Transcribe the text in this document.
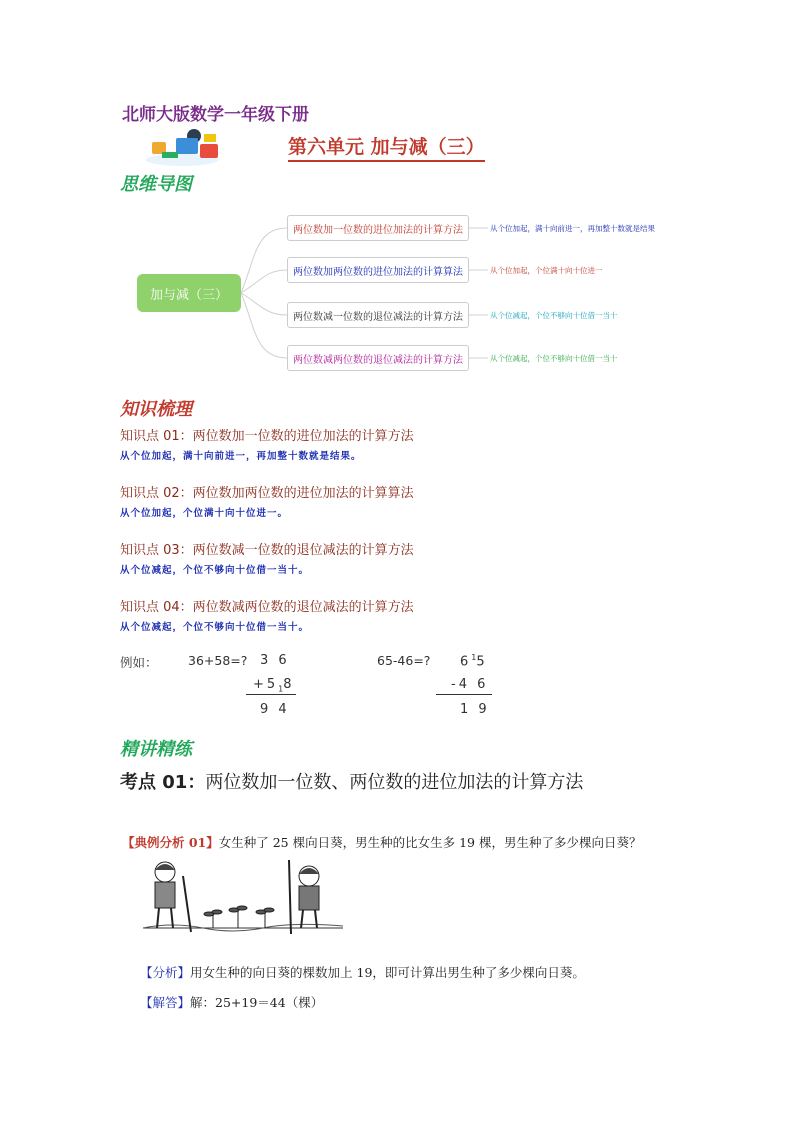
北师大版数学一年级下册
第六单元 加与减（三）
思维导图
加与减（三）
两位数加一位数的进位加法的计算方法
两位数加两位数的进位加法的计算算法
两位数减一位数的退位减法的计算方法
两位数减两位数的退位减法的计算方法
从个位加起，满十向前进一，再加整十数就是结果
从个位加起，个位满十向十位进一
从个位减起，个位不够向十位借一当十
从个位减起，个位不够向十位借一当十
知识梳理
知识点 01：两位数加一位数的进位加法的计算方法
从个位加起，满十向前进一，再加整十数就是结果。
知识点 02：两位数加两位数的进位加法的计算算法
从个位加起，个位满十向十位进一。
知识点 03：两位数减一位数的退位减法的计算方法
从个位减起，个位不够向十位借一当十。
知识点 04：两位数减两位数的退位减法的计算方法
从个位减起，个位不够向十位借一当十。
例如： 36+58=? 3 6
$+5_18$
9 4
65-46=? $6^15$
-4 6
1 9
精讲精练
考点 01：两位数加一位数、两位数的进位加法的计算方法
【典例分析 01】女生种了 25 棵向日葵，男生种的比女生多 19 棵，男生种了多少棵向日葵？
【分析】用女生种的向日葵的棵数加上 19，即可计算出男生种了多少棵向日葵。
【解答】解：25+19＝44（棵）
